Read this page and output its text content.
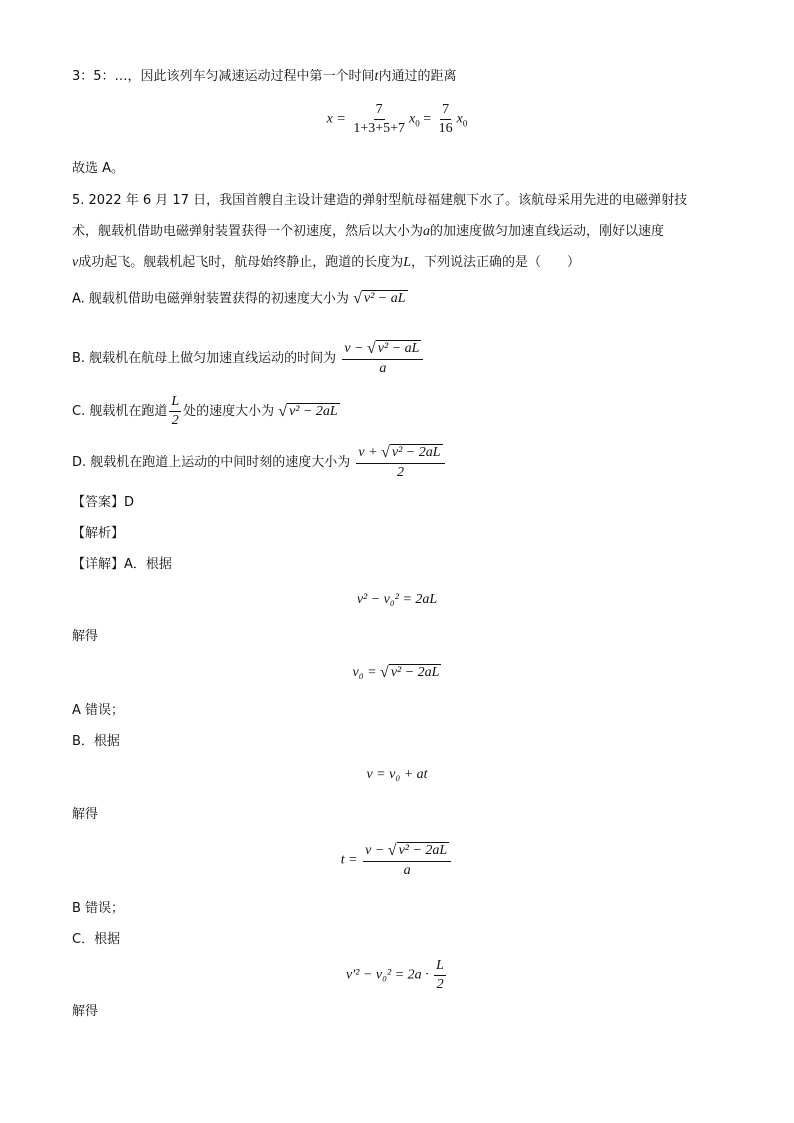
3：5：…，因此该列车匀减速运动过程中第一个时间t内通过的距离
$x = \frac{7}{1+3+5+7} x_0 = \frac{7}{16} x_0$
故选 A。
5. 2022 年 6 月 17 日，我国首艘自主设计建造的弹射型航母福建舰下水了。该航母采用先进的电磁弹射技
术，舰载机借助电磁弹射装置获得一个初速度，然后以大小为a的加速度做匀加速直线运动，刚好以速度
v成功起飞。舰载机起飞时，航母始终静止，跑道的长度为L，下列说法正确的是（　　）
A. 舰载机借助电磁弹射装置获得的初速度大小为 √ v² − aL
B. 舰载机在航母上做匀加速直线运动的时间为 $\frac{\text{v − √ v² − aL}}{a}$
C. 舰载机在跑道 $\frac{L}{2}$ 处的速度大小为 √ v² − 2aL
D. 舰载机在跑道上运动的中间时刻的速度大小为 $\frac{\text{v + √ v² − 2aL}}{2}$
【答案】D
【解析】
【详解】A．根据
v² − v₀² = 2aL
解得
v₀ = √ v² − 2aL
A 错误；
B．根据
v = v₀ + at
解得
$t = \frac{\text{v − √ v² − 2aL}}{a}$
B 错误；
C．根据
$v'^2 - v_0^2 = 2a \cdot \frac{L}{2}$
解得
